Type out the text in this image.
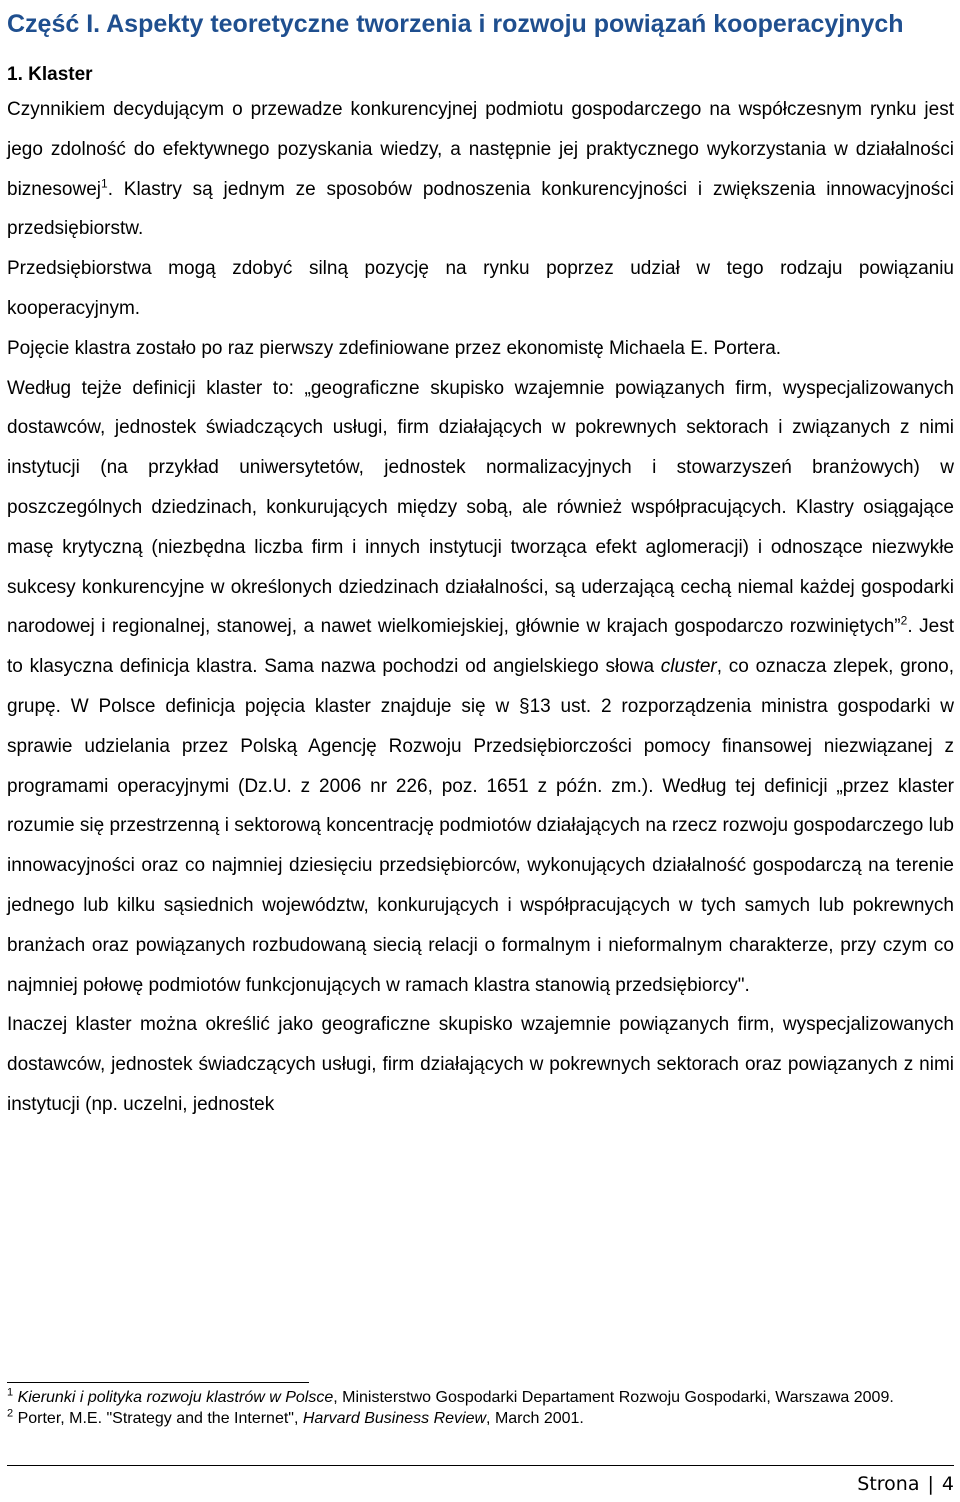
Część I. Aspekty teoretyczne tworzenia i rozwoju powiązań kooperacyjnych
1. Klaster

Czynnikiem decydującym o przewadze konkurencyjnej podmiotu gospodarczego na współczesnym rynku jest jego zdolność do efektywnego pozyskania wiedzy, a następnie jej praktycznego wykorzystania w działalności biznesowej$^1$. Klastry są jednym ze sposobów podnoszenia konkurencyjności i zwiększenia innowacyjności przedsiębiorstw.

Przedsiębiorstwa mogą zdobyć silną pozycję na rynku poprzez udział w tego rodzaju powiązaniu kooperacyjnym.

Pojęcie klastra zostało po raz pierwszy zdefiniowane przez ekonomistę Michaela E. Portera.

Według tejże definicji klaster to: „geograficzne skupisko wzajemnie powiązanych firm, wyspecjalizowanych dostawców, jednostek świadczących usługi, firm działających w pokrewnych sektorach i związanych z nimi instytucji (na przykład uniwersytetów, jednostek normalizacyjnych i stowarzyszeń branżowych) w poszczególnych dziedzinach, konkurujących między sobą, ale również współpracujących. Klastry osiągające masę krytyczną (niezbędna liczba firm i innych instytucji tworząca efekt aglomeracji) i odnoszące niezwykłe sukcesy konkurencyjne w określonych dziedzinach działalności, są uderzającą cechą niemal każdej gospodarki narodowej i regionalnej, stanowej, a nawet wielkomiejskiej, głównie w krajach gospodarczo rozwiniętych”$^2$. Jest to klasyczna definicja klastra. Sama nazwa pochodzi od angielskiego słowa cluster, co oznacza zlepek, grono, grupę. W Polsce definicja pojęcia klaster znajduje się w §13 ust. 2 rozporządzenia ministra gospodarki w sprawie udzielania przez Polską Agencję Rozwoju Przedsiębiorczości pomocy finansowej niezwiązanej z programami operacyjnymi (Dz.U. z 2006 nr 226, poz. 1651 z późn. zm.). Według tej definicji „przez klaster rozumie się przestrzenną i sektorową koncentrację podmiotów działających na rzecz rozwoju gospodarczego lub innowacyjności oraz co najmniej dziesięciu przedsiębiorców, wykonujących działalność gospodarczą na terenie jednego lub kilku sąsiednich województw, konkurujących i współpracujących w tych samych lub pokrewnych branżach oraz powiązanych rozbudowaną siecią relacji o formalnym i nieformalnym charakterze, przy czym co najmniej połowę podmiotów funkcjonujących w ramach klastra stanowią przedsiębiorcy".

Inaczej klaster można określić jako geograficzne skupisko wzajemnie powiązanych firm, wyspecjalizowanych dostawców, jednostek świadczących usługi, firm działających w pokrewnych sektorach oraz powiązanych z nimi instytucji (np. uczelni, jednostek

$^1$ Kierunki i polityka rozwoju klastrów w Polsce, Ministerstwo Gospodarki Departament Rozwoju Gospodarki, Warszawa 2009.

$^2$ Porter, M.E. "Strategy and the Internet", Harvard Business Review, March 2001.

Strona | 4
